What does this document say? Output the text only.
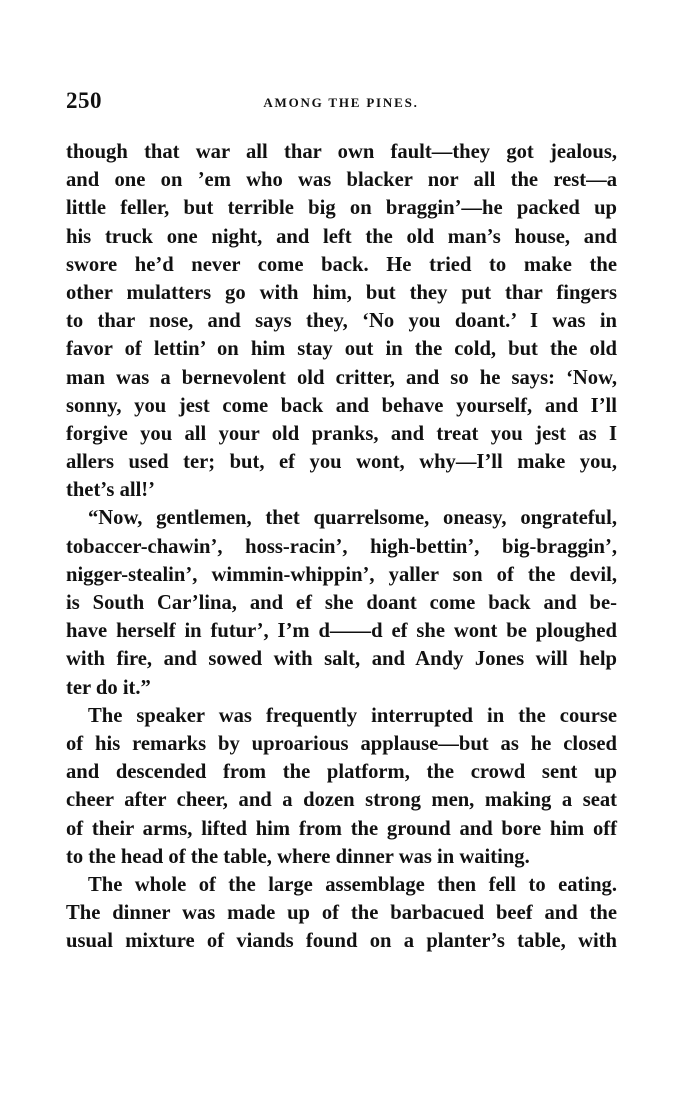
250	AMONG THE PINES.
though that war all thar own fault—they got jealous,
and one on ’em who was blacker nor all the rest—a
little feller, but terrible big on braggin’—he packed up
his truck one night, and left the old man’s house, and
swore he’d never come back. He tried to make the
other mulatters go with him, but they put thar fingers
to thar nose, and says they, ‘No you doant.’ I was in
favor of lettin’ on him stay out in the cold, but the old
man was a bernevolent old critter, and so he says: ‘Now,
sonny, you jest come back and behave yourself, and I’ll
forgive you all your old pranks, and treat you jest as I
allers used ter; but, ef you wont, why—I’ll make you,
thet’s all!’
“Now, gentlemen, thet quarrelsome, oneasy, ongrateful,
tobaccer-chawin’, hoss-racin’, high-bettin’, big-braggin’,
nigger-stealin’, wimmin-whippin’, yaller son of the devil,
is South Car’lina, and ef she doant come back and be-
have herself in futur’, I’m d——d ef she wont be ploughed
with fire, and sowed with salt, and Andy Jones will help
ter do it.”
The speaker was frequently interrupted in the course
of his remarks by uproarious applause—but as he closed
and descended from the platform, the crowd sent up
cheer after cheer, and a dozen strong men, making a seat
of their arms, lifted him from the ground and bore him off
to the head of the table, where dinner was in waiting.
The whole of the large assemblage then fell to eating.
The dinner was made up of the barbacued beef and the
usual mixture of viands found on a planter’s table, with
